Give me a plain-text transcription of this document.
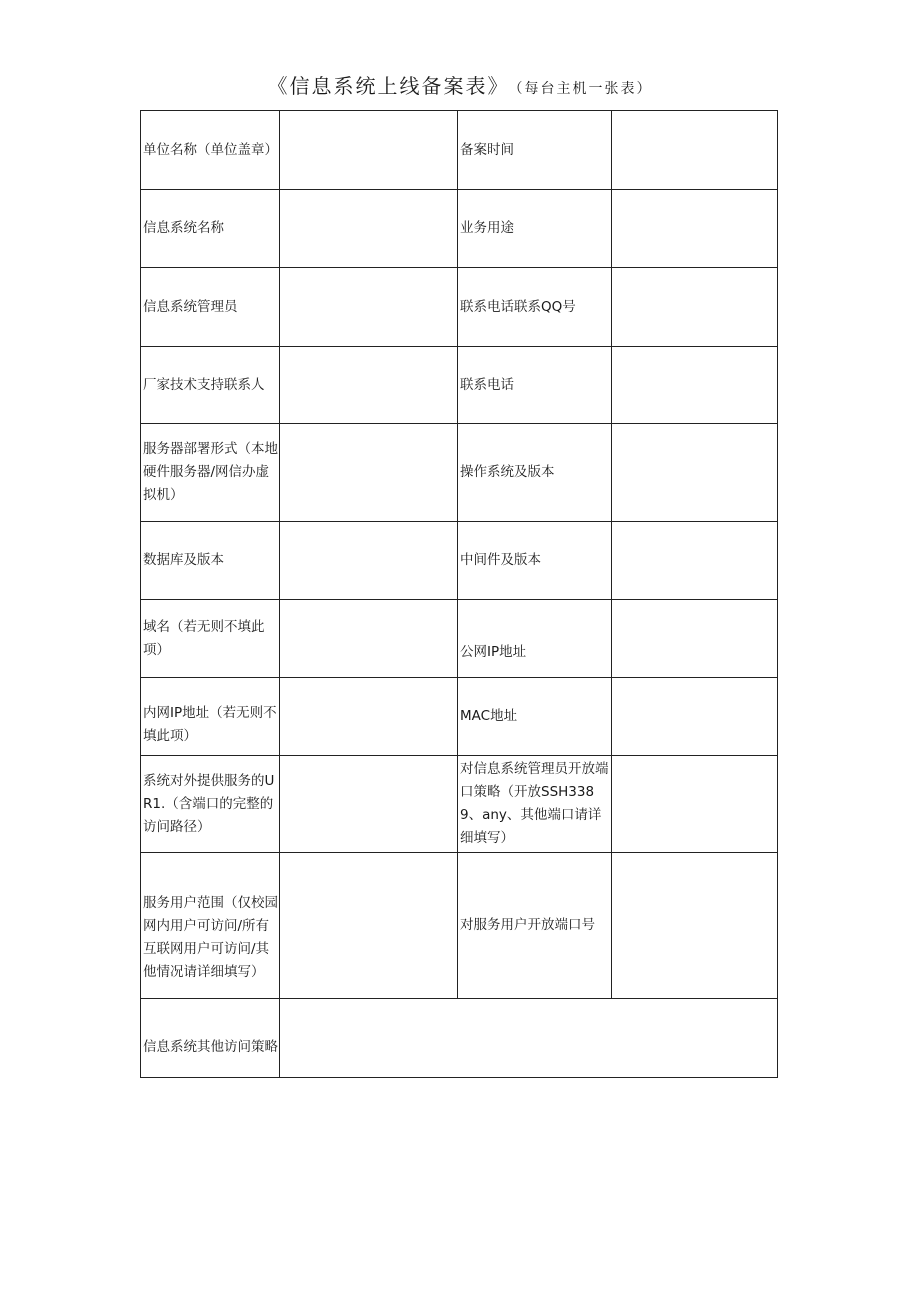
《信息系统上线备案表》 （每台主机一张表）
单位名称（单位盖章）		备案时间	
信息系统名称		业务用途	
信息系统管理员		联系电话联系QQ号	
厂家技术支持联系人		联系电话	
服务器部署形式（本地硬件服务器/网信办虚拟机）		操作系统及版本	
数据库及版本		中间件及版本	
域名（若无则不填此项）		公网IP地址	
内网IP地址（若无则不填此项）		MAC地址	
系统对外提供服务的UR1.（含端口的完整的访问路径）		对信息系统管理员开放端口策略（开放SSH3389、any、其他端口请详细填写）	
服务用户范围（仅校园网内用户可访问/所有互联网用户可访问/其他情况请详细填写）		对服务用户开放端口号	
信息系统其他访问策略			
